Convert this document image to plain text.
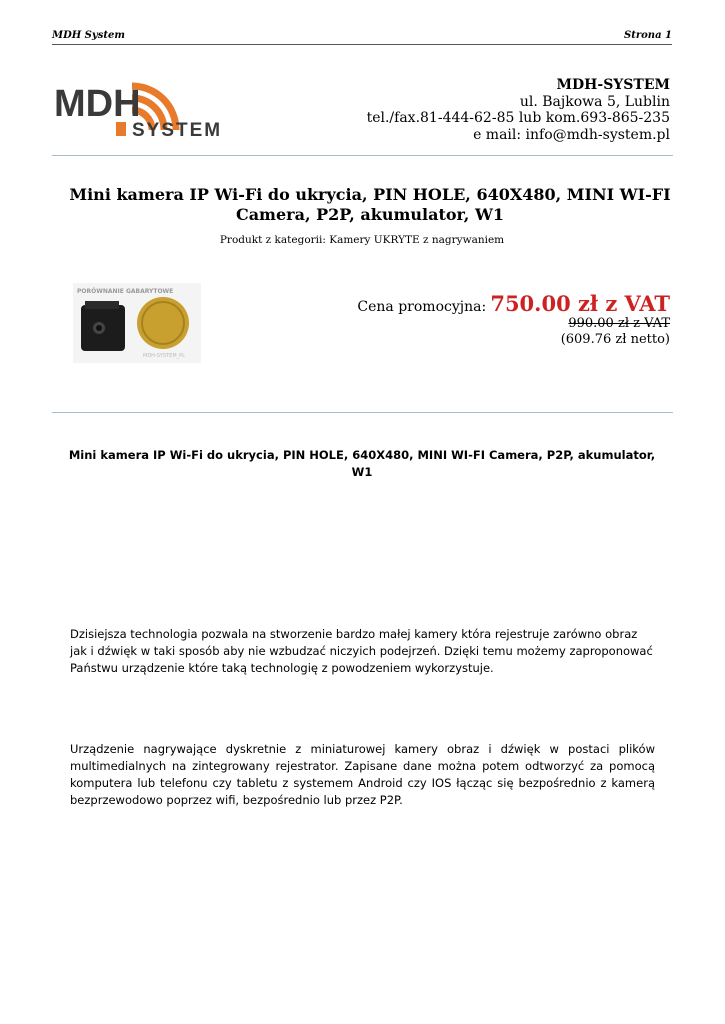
MDH System	Strona 1
MDH
SYSTEM
MDH-SYSTEM
ul. Bajkowa 5, Lublin
tel./fax.81-444-62-85 lub kom.693-865-235
e mail: info@mdh-system.pl
Mini kamera IP Wi-Fi do ukrycia, PIN HOLE, 640X480, MINI WI-FI Camera, P2P, akumulator, W1
Produkt z kategorii: Kamery UKRYTE z nagrywaniem
PORÓWNANIE GABARYTOWE
MDH-SYSTEM_PL
Cena promocyjna: 750.00 zł z VAT
990.00 zł z VAT
(609.76 zł netto)
Mini kamera IP Wi-Fi do ukrycia, PIN HOLE, 640X480, MINI WI-FI Camera, P2P, akumulator, W1
Dzisiejsza technologia pozwala na stworzenie bardzo małej kamery która rejestruje zarówno obraz jak i dźwięk w taki sposób aby nie wzbudzać niczyich podejrzeń. Dzięki temu możemy zaproponować Państwu urządzenie które taką technologię z powodzeniem wykorzystuje.
Urządzenie nagrywające dyskretnie z miniaturowej kamery obraz i dźwięk w postaci plików multimedialnych na zintegrowany rejestrator. Zapisane dane można potem odtworzyć za pomocą komputera lub telefonu czy tabletu z systemem Android czy IOS łącząc się bezpośrednio z kamerą bezprzewodowo poprzez wifi, bezpośrednio lub przez P2P.
